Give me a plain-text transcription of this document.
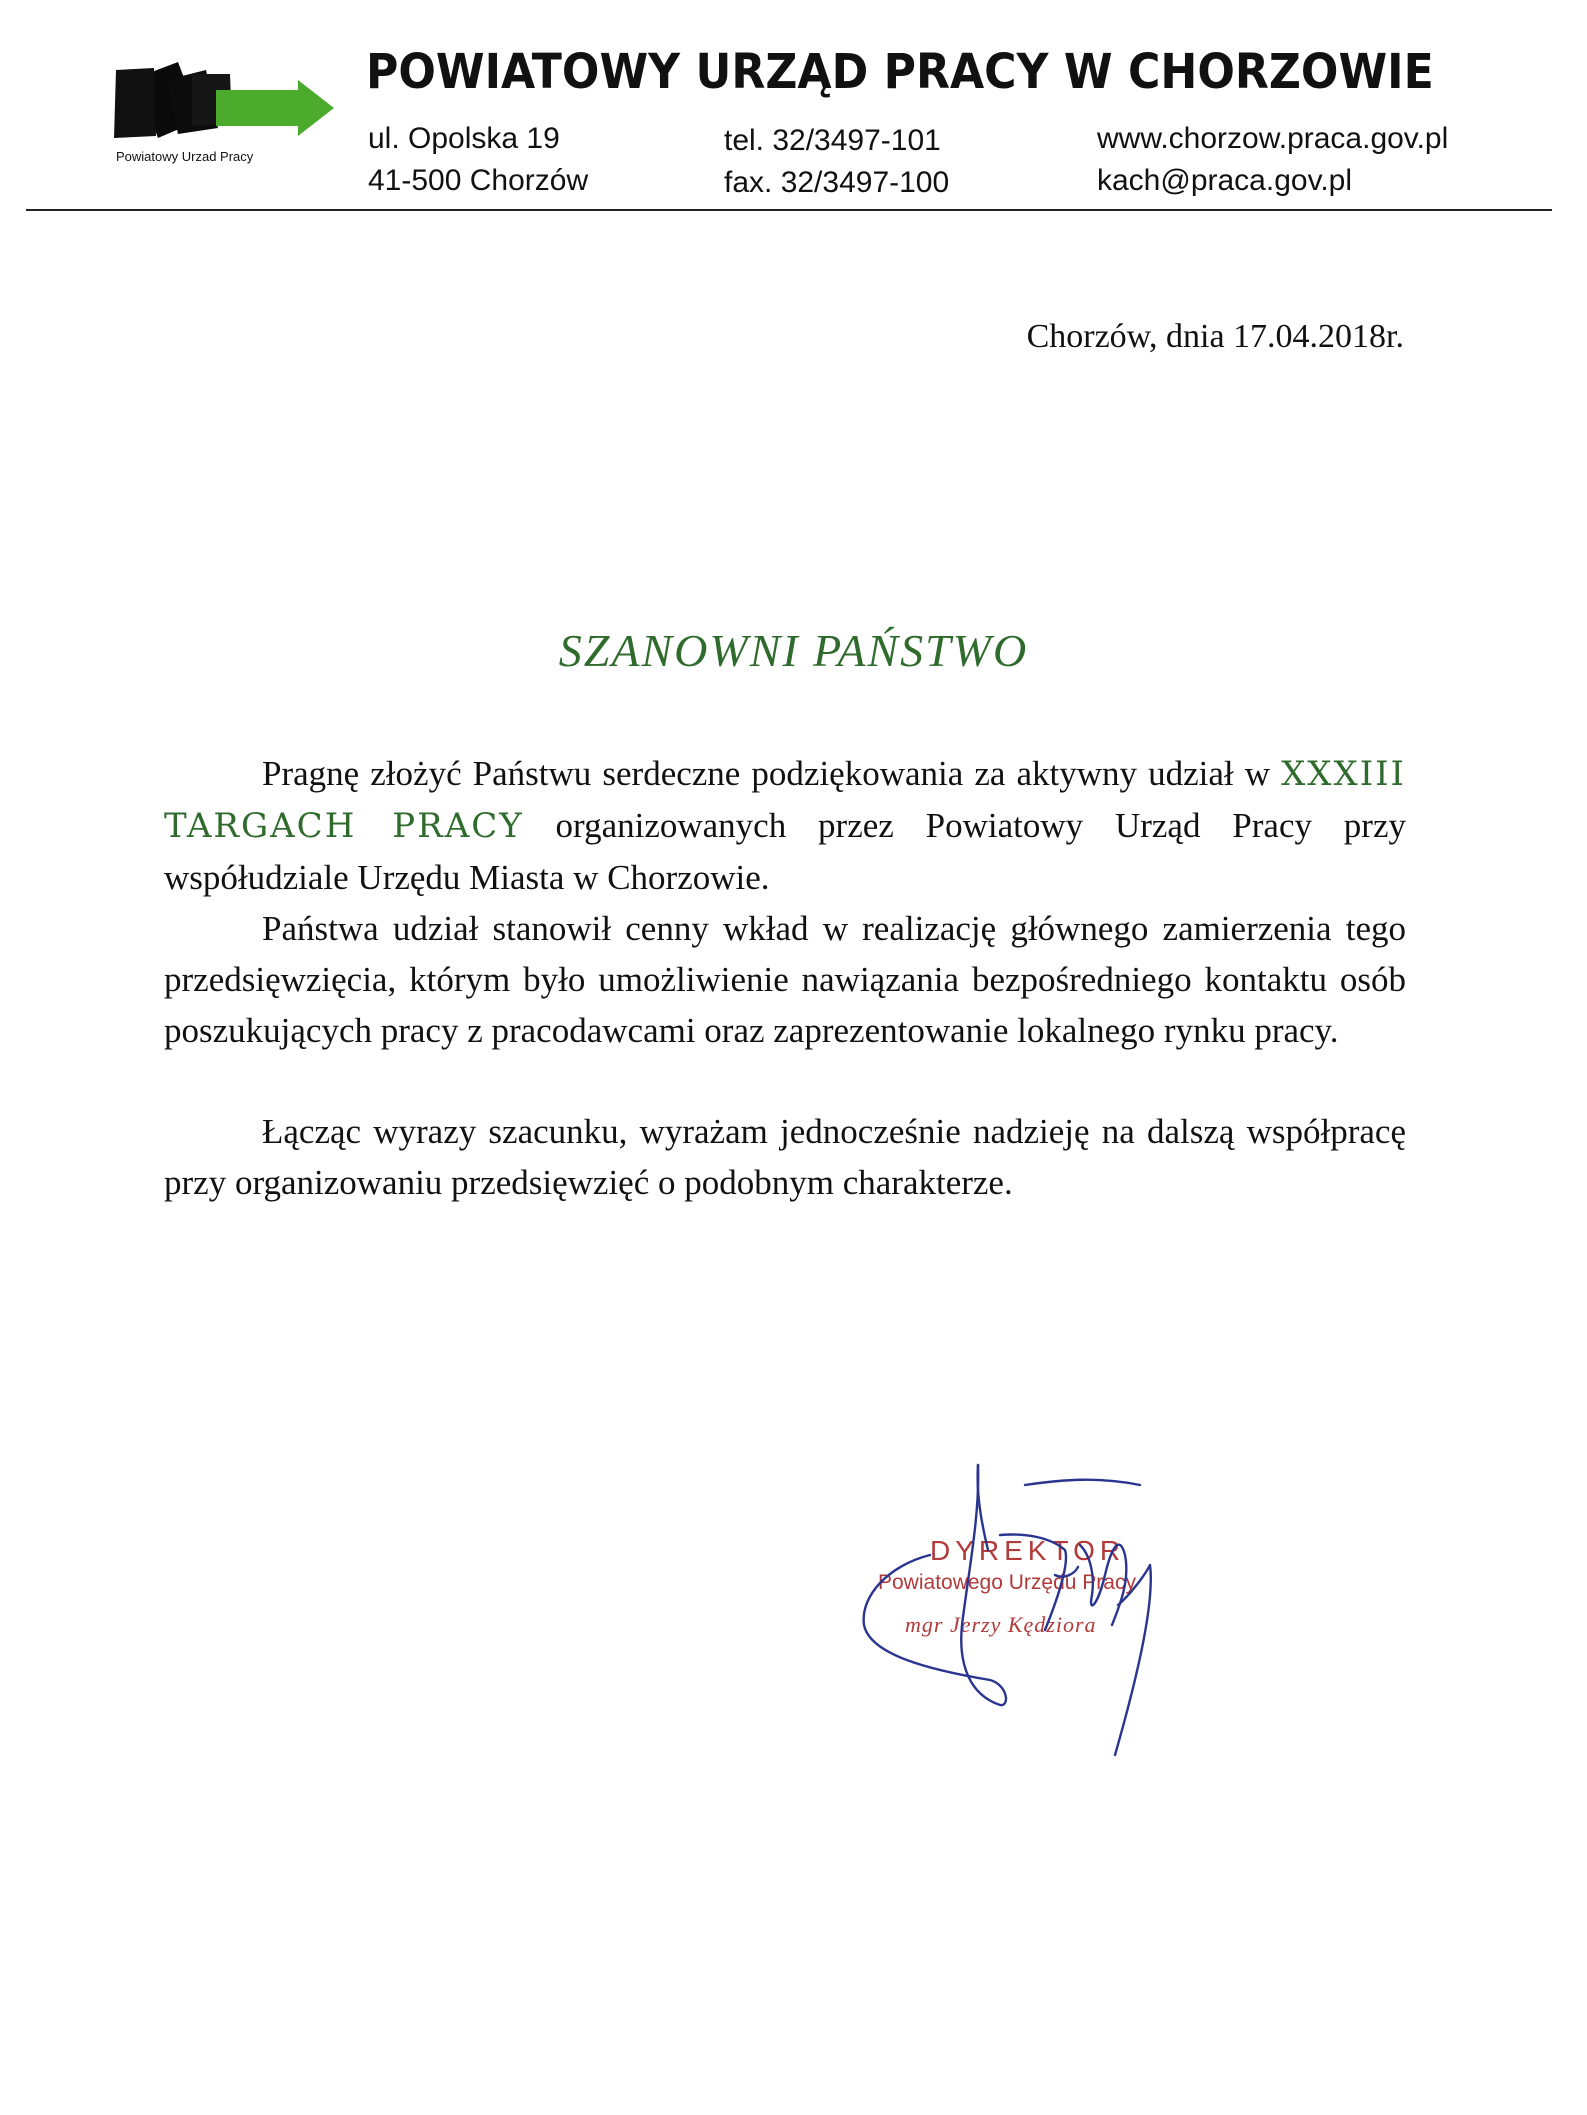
Powiatowy Urzad Pracy
POWIATOWY URZĄD PRACY W CHORZOWIE
ul. Opolska 19
41-500 Chorzów
tel. 32/3497-101
fax. 32/3497-100
www.chorzow.praca.gov.pl
kach@praca.gov.pl
Chorzów, dnia 17.04.2018r.
SZANOWNI PAŃSTWO

Pragnę złożyć Państwu serdeczne podziękowania za aktywny udział w XXXIII TARGACH PRACY organizowanych przez Powiatowy Urząd Pracy przy współudziale Urzędu Miasta w Chorzowie.

Państwa udział stanowił cenny wkład w realizację głównego zamierzenia tego przedsięwzięcia, którym było umożliwienie nawiązania bezpośredniego kontaktu osób poszukujących pracy z pracodawcami oraz zaprezentowanie lokalnego rynku pracy.

Łącząc wyrazy szacunku, wyrażam jednocześnie nadzieję na dalszą współpracę przy organizowaniu przedsięwzięć o podobnym charakterze.

DYREKTOR
Powiatowego Urzędu Pracy
mgr Jerzy Kędziora
